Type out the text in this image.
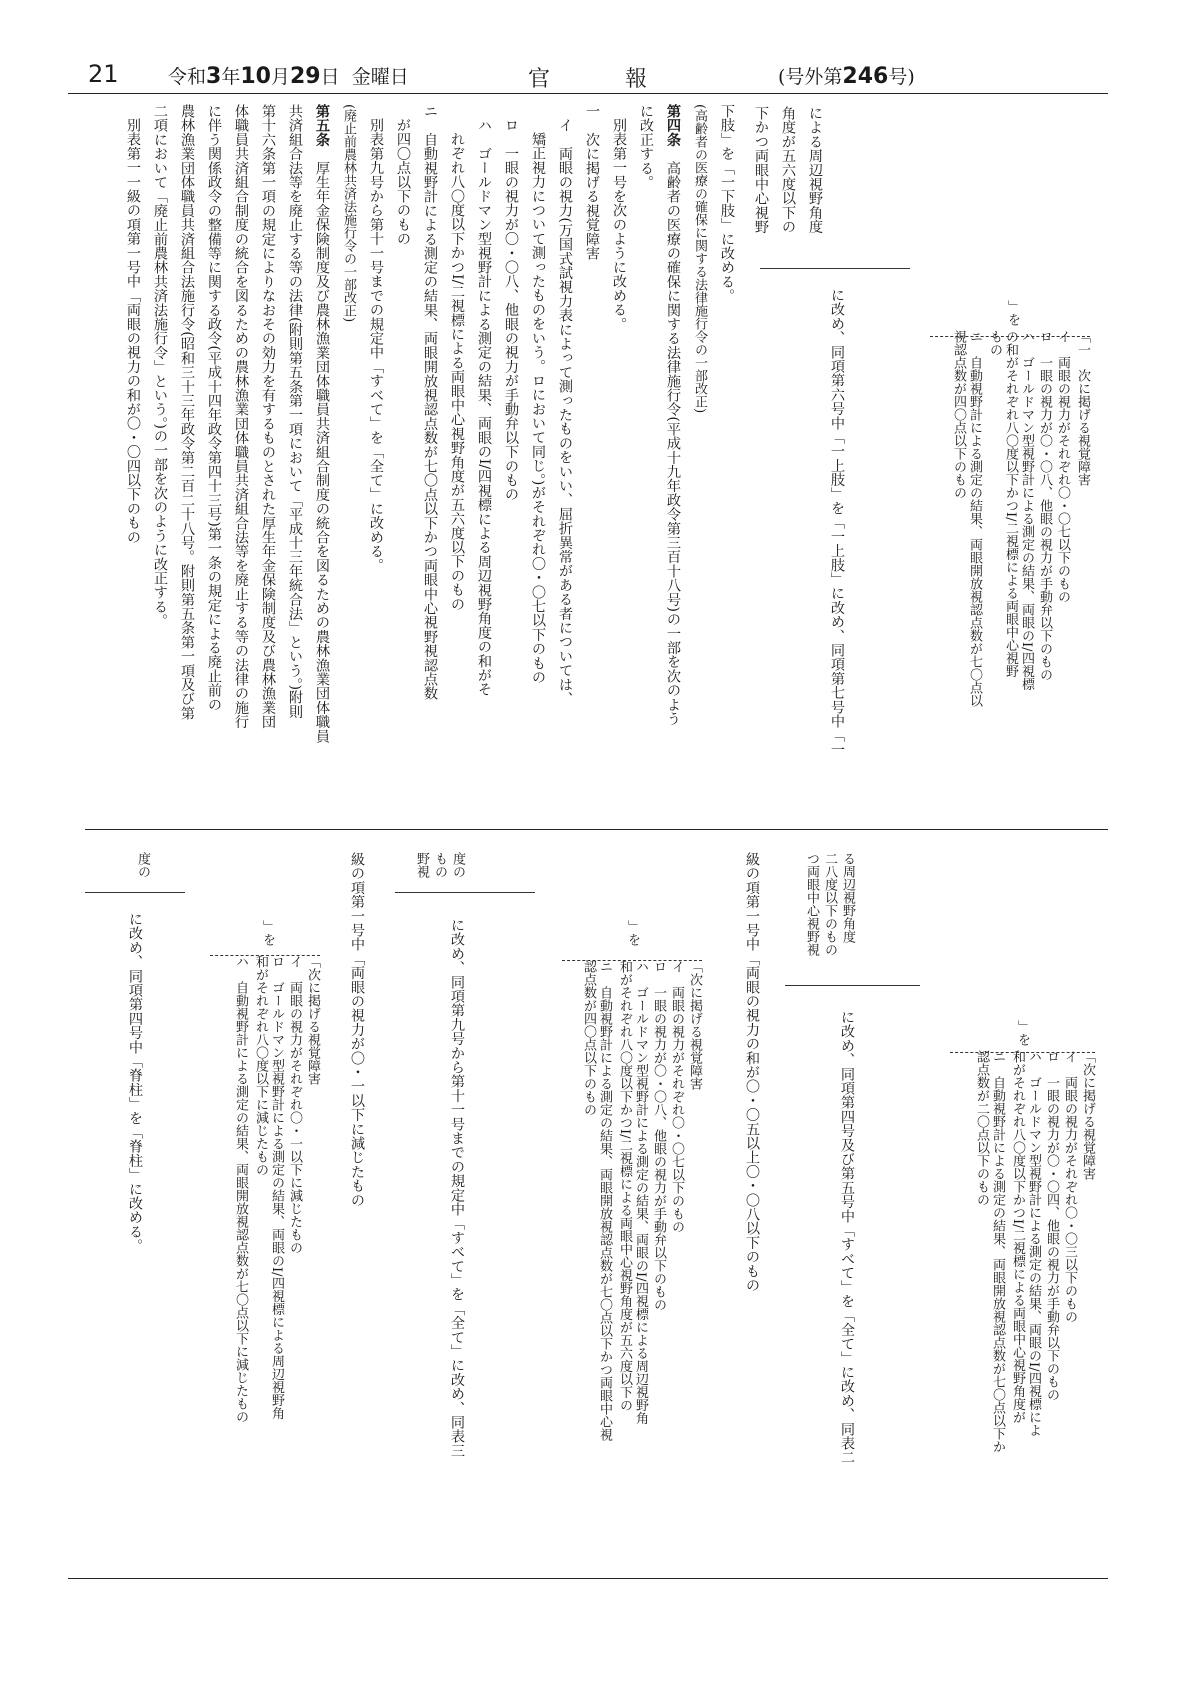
21	令和3年10月29日 金曜日	官報	(号外第246号)
「一　次に掲げる視覚障害
イ　両眼の視力がそれぞれ〇・〇七以下のもの
ロ　一眼の視力が〇・〇八、他眼の視力が手動弁以下のもの
ハ　ゴールドマン型視野計による測定の結果、両眼のI/四視標
の和がそれぞれ八〇度以下かつI/二視標による両眼中心視野
もの
ニ　自動視野計による測定の結果、両眼開放視認点数が七〇点以
視認点数が四〇点以下のもの
」を
に改め、同項第六号中「一上肢」を「一上肢」に改め、同項第七号中「一
による周辺視野角度
角度が五六度以下の
下かつ両眼中心視野
下肢」を「一下肢」に改める。
(高齢者の医療の確保に関する法律施行令の一部改正)
第四条　高齢者の医療の確保に関する法律施行令(平成十九年政令第三百十八号)の一部を次のよう
に改正する。
別表第一号を次のように改める。
一　次に掲げる視覚障害
イ　両眼の視力(万国式試視力表によって測ったものをいい、屈折異常がある者については、
矯正視力について測ったものをいう。ロにおいて同じ。)がそれぞれ〇・〇七以下のもの
ロ　一眼の視力が〇・〇八、他眼の視力が手動弁以下のもの
ハ　ゴールドマン型視野計による測定の結果、両眼のI/四視標による周辺視野角度の和がそ
れぞれ八〇度以下かつI/二視標による両眼中心視野角度が五六度以下のもの
ニ　自動視野計による測定の結果、両眼開放視認点数が七〇点以下かつ両眼中心視野視認点数
が四〇点以下のもの
別表第九号から第十一号までの規定中「すべて」を「全て」に改める。
(廃止前農林共済法施行令の一部改正)
第五条　厚生年金保険制度及び農林漁業団体職員共済組合制度の統合を図るための農林漁業団体職員
共済組合法等を廃止する等の法律(附則第五条第一項において「平成十三年統合法」という。)附則
第十六条第一項の規定によりなおその効力を有するものとされた厚生年金保険制度及び農林漁業団
体職員共済組合制度の統合を図るための農林漁業団体職員共済組合法等を廃止する等の法律の施行
に伴う関係政令の整備等に関する政令(平成十四年政令第四十三号)第一条の規定による廃止前の
農林漁業団体職員共済組合法施行令(昭和三十三年政令第二百二十八号。附則第五条第一項及び第
二項において「廃止前農林共済法施行令」という。)の一部を次のように改正する。
別表第一一級の項第一号中「両眼の視力の和が〇・〇四以下のもの
「次に掲げる視覚障害
イ　両眼の視力がそれぞれ〇・〇三以下のもの
ロ　一眼の視力が〇・〇四、他眼の視力が手動弁以下のもの
ハ　ゴールドマン型視野計による測定の結果、両眼のI/四視標によ
和がそれぞれ八〇度以下かつI/二視標による両眼中心視野角度が
ニ　自動視野計による測定の結果、両眼開放視認点数が七〇点以下か
認点数が二〇点以下のもの
」を
に改め、同項第四号及び第五号中「すべて」を「全て」に改め、同表二
る周辺視野角度
二八度以下のもの
つ両眼中心視野視
級の項第一号中「両眼の視力の和が〇・〇五以上〇・〇八以下のもの
「次に掲げる視覚障害
イ　両眼の視力がそれぞれ〇・〇七以下のもの
ロ　一眼の視力が〇・〇八、他眼の視力が手動弁以下のもの
ハ　ゴールドマン型視野計による測定の結果、両眼のI/四視標による周辺視野角
和がそれぞれ八〇度以下かつI/二視標による両眼中心視野角度が五六度以下の
ニ　自動視野計による測定の結果、両眼開放視認点数が七〇点以下かつ両眼中心視
認点数が四〇点以下のもの
」を
に改め、同項第九号から第十一号までの規定中「すべて」を「全て」に改め、同表三
度の
もの
野視
級の項第一号中「両眼の視力が〇・一以下に減じたもの
「次に掲げる視覚障害
イ　両眼の視力がそれぞれ〇・一以下に減じたもの
ロ　ゴールドマン型視野計による測定の結果、両眼のI/四視標による周辺視野角
和がそれぞれ八〇度以下に減じたもの
ハ　自動視野計による測定の結果、両眼開放視認点数が七〇点以下に減じたもの
」を
度の
に改め、同項第四号中「脊柱」を「脊柱」に改める。
